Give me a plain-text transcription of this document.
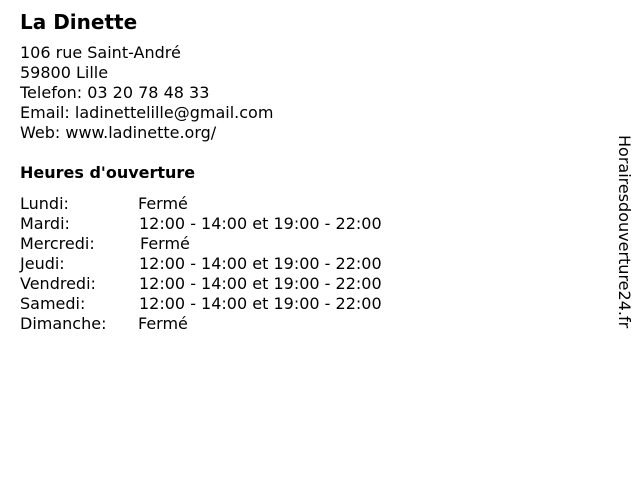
La Dinette
106 rue Saint-André
59800 Lille
Telefon: 03 20 78 48 33
Email: ladinettelille@gmail.com
Web: www.ladinette.org/
Heures d'ouverture
Lundi:	Fermé
Mardi:	12:00 - 14:00 et 19:00 - 22:00
Mercredi:	Fermé
Jeudi:	12:00 - 14:00 et 19:00 - 22:00
Vendredi:	12:00 - 14:00 et 19:00 - 22:00
Samedi:	12:00 - 14:00 et 19:00 - 22:00
Dimanche: Fermé	Horairesdouverture24.fr
